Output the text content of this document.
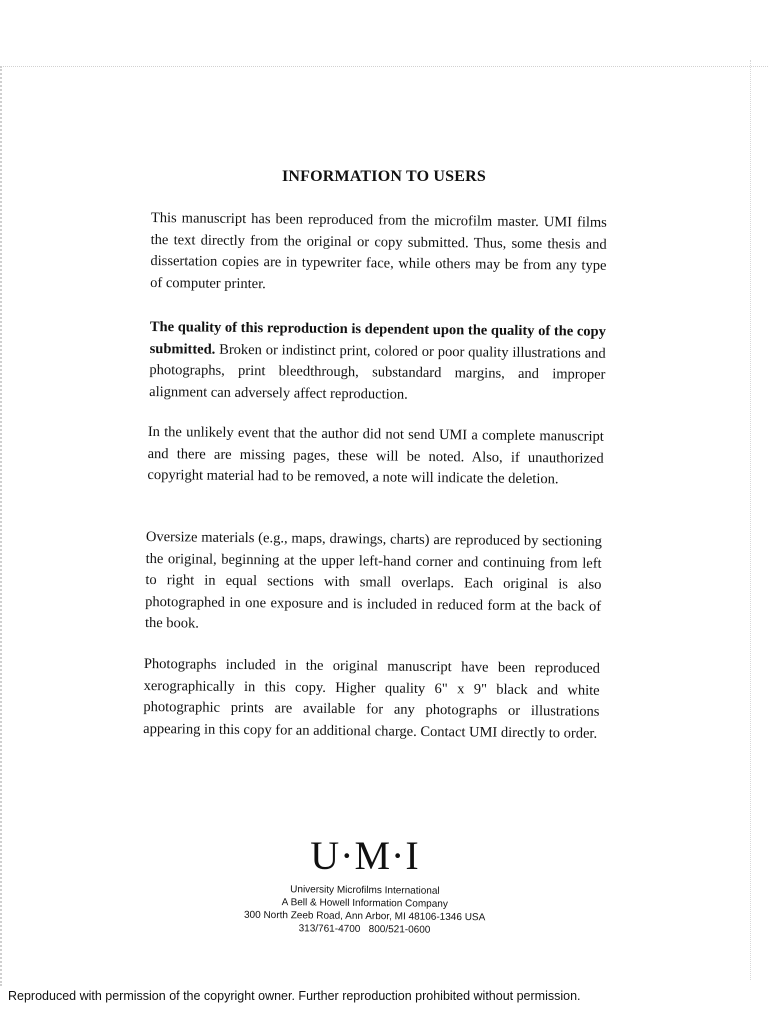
INFORMATION TO USERS

This manuscript has been reproduced from the microfilm master. UMI films the text directly from the original or copy submitted. Thus, some thesis and dissertation copies are in typewriter face, while others may be from any type of computer printer.

The quality of this reproduction is dependent upon the quality of the copy submitted. Broken or indistinct print, colored or poor quality illustrations and photographs, print bleedthrough, substandard margins, and improper alignment can adversely affect reproduction.

In the unlikely event that the author did not send UMI a complete manuscript and there are missing pages, these will be noted. Also, if unauthorized copyright material had to be removed, a note will indicate the deletion.

Oversize materials (e.g., maps, drawings, charts) are reproduced by sectioning the original, beginning at the upper left-hand corner and continuing from left to right in equal sections with small overlaps. Each original is also photographed in one exposure and is included in reduced form at the back of the book.

Photographs included in the original manuscript have been reproduced xerographically in this copy. Higher quality 6" x 9" black and white photographic prints are available for any photographs or illustrations appearing in this copy for an additional charge. Contact UMI directly to order.

U·M·I
University Microfilms International
A Bell & Howell Information Company
300 North Zeeb Road, Ann Arbor, MI 48106-1346 USA
313/761-4700   800/521-0600
Reproduced with permission of the copyright owner. Further reproduction prohibited without permission.
